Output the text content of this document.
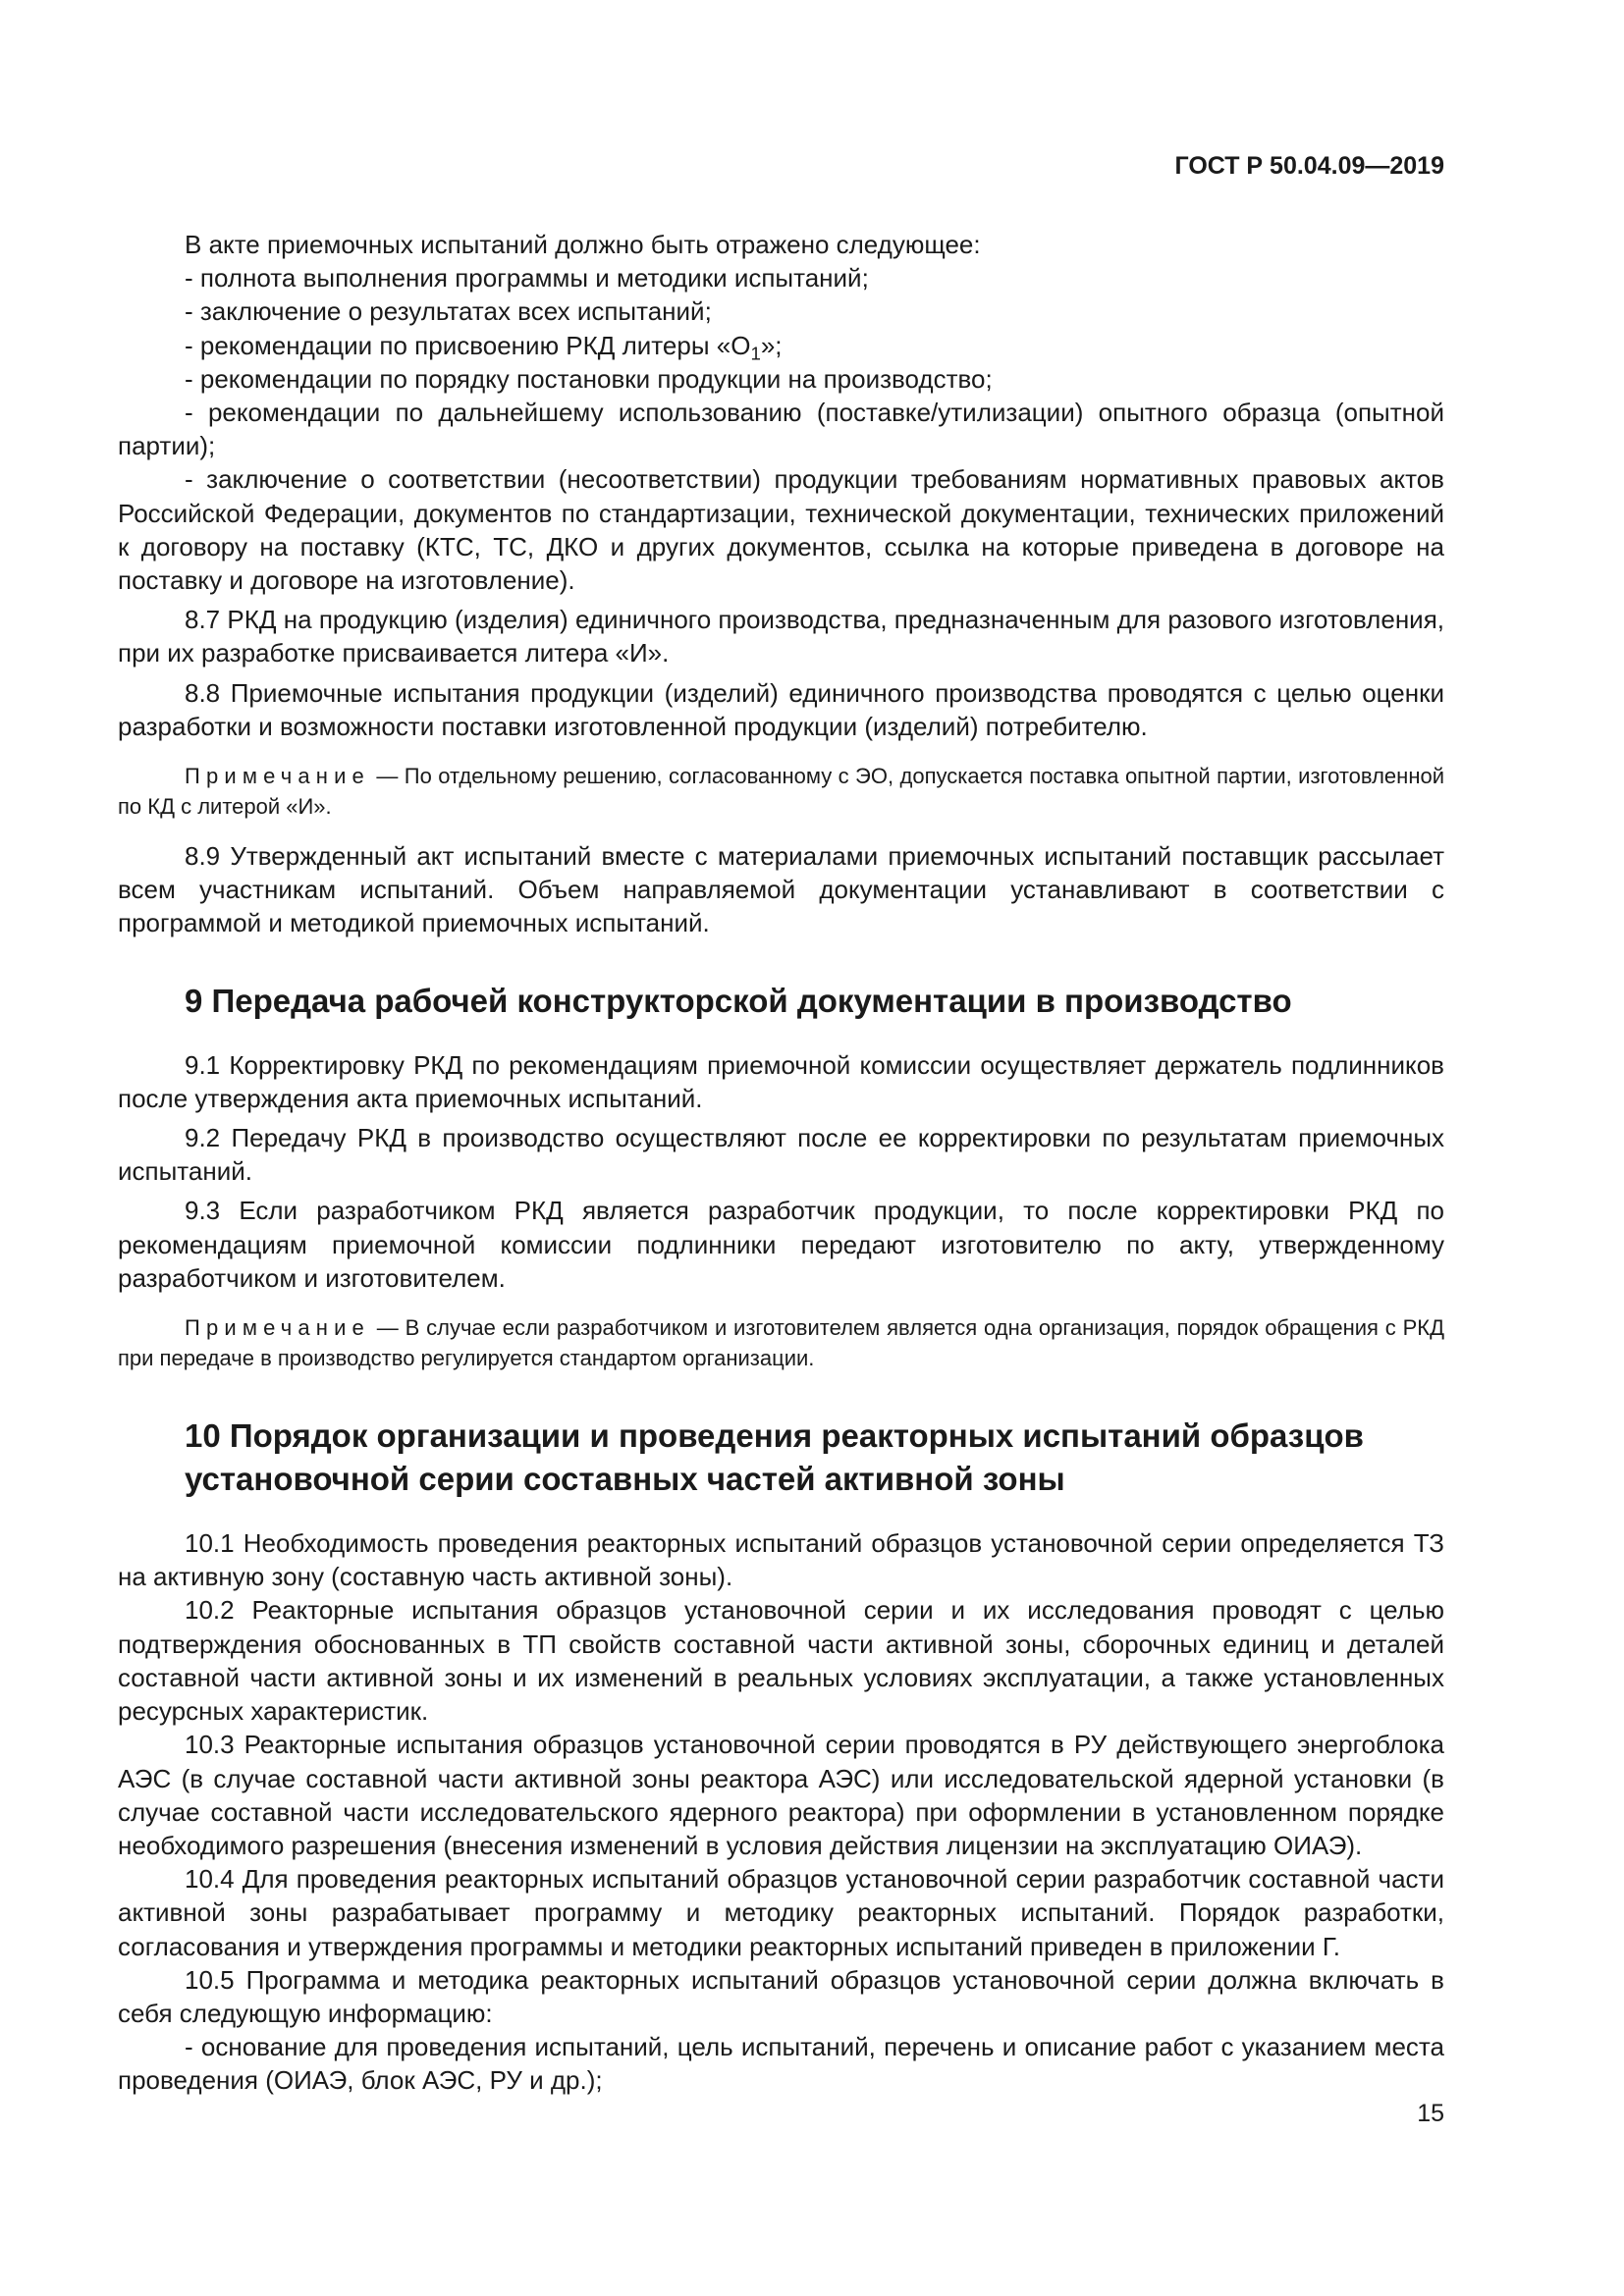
ГОСТ Р 50.04.09—2019

В акте приемочных испытаний должно быть отражено следующее:

- полнота выполнения программы и методики испытаний;

- заключение о результатах всех испытаний;

- рекомендации по присвоению РКД литеры «$О_1$»;

- рекомендации по порядку постановки продукции на производство;

- рекомендации по дальнейшему использованию (поставке/утилизации) опытного образца (опытной партии);

- заключение о соответствии (несоответствии) продукции требованиям нормативных правовых актов Российской Федерации, документов по стандартизации, технической документации, технических приложений к договору на поставку (КТС, ТС, ДКО и других документов, ссылка на которые приведена в договоре на поставку и договоре на изготовление).

8.7 РКД на продукцию (изделия) единичного производства, предназначенным для разового изготовления, при их разработке присваивается литера «И».

8.8 Приемочные испытания продукции (изделий) единичного производства проводятся с целью оценки разработки и возможности поставки изготовленной продукции (изделий) потребителю.

Примечание — По отдельному решению, согласованному с ЭО, допускается поставка опытной партии, изготовленной по КД с литерой «И».

8.9 Утвержденный акт испытаний вместе с материалами приемочных испытаний поставщик рассылает всем участникам испытаний. Объем направляемой документации устанавливают в соответствии с программой и методикой приемочных испытаний.

9 Передача рабочей конструкторской документации в производство

9.1 Корректировку РКД по рекомендациям приемочной комиссии осуществляет держатель подлинников после утверждения акта приемочных испытаний.

9.2 Передачу РКД в производство осуществляют после ее корректировки по результатам приемочных испытаний.

9.3 Если разработчиком РКД является разработчик продукции, то после корректировки РКД по рекомендациям приемочной комиссии подлинники передают изготовителю по акту, утвержденному разработчиком и изготовителем.

Примечание — В случае если разработчиком и изготовителем является одна организация, порядок обращения с РКД при передаче в производство регулируется стандартом организации.

10 Порядок организации и проведения реакторных испытаний образцов установочной серии составных частей активной зоны

10.1 Необходимость проведения реакторных испытаний образцов установочной серии определяется ТЗ на активную зону (составную часть активной зоны).

10.2 Реакторные испытания образцов установочной серии и их исследования проводят с целью подтверждения обоснованных в ТП свойств составной части активной зоны, сборочных единиц и деталей составной части активной зоны и их изменений в реальных условиях эксплуатации, а также установленных ресурсных характеристик.

10.3 Реакторные испытания образцов установочной серии проводятся в РУ действующего энергоблока АЭС (в случае составной части активной зоны реактора АЭС) или исследовательской ядерной установки (в случае составной части исследовательского ядерного реактора) при оформлении в установленном порядке необходимого разрешения (внесения изменений в условия действия лицензии на эксплуатацию ОИАЭ).

10.4 Для проведения реакторных испытаний образцов установочной серии разработчик составной части активной зоны разрабатывает программу и методику реакторных испытаний. Порядок разработки, согласования и утверждения программы и методики реакторных испытаний приведен в приложении Г.

10.5 Программа и методика реакторных испытаний образцов установочной серии должна включать в себя следующую информацию:

- основание для проведения испытаний, цель испытаний, перечень и описание работ с указанием места проведения (ОИАЭ, блок АЭС, РУ и др.);

15
